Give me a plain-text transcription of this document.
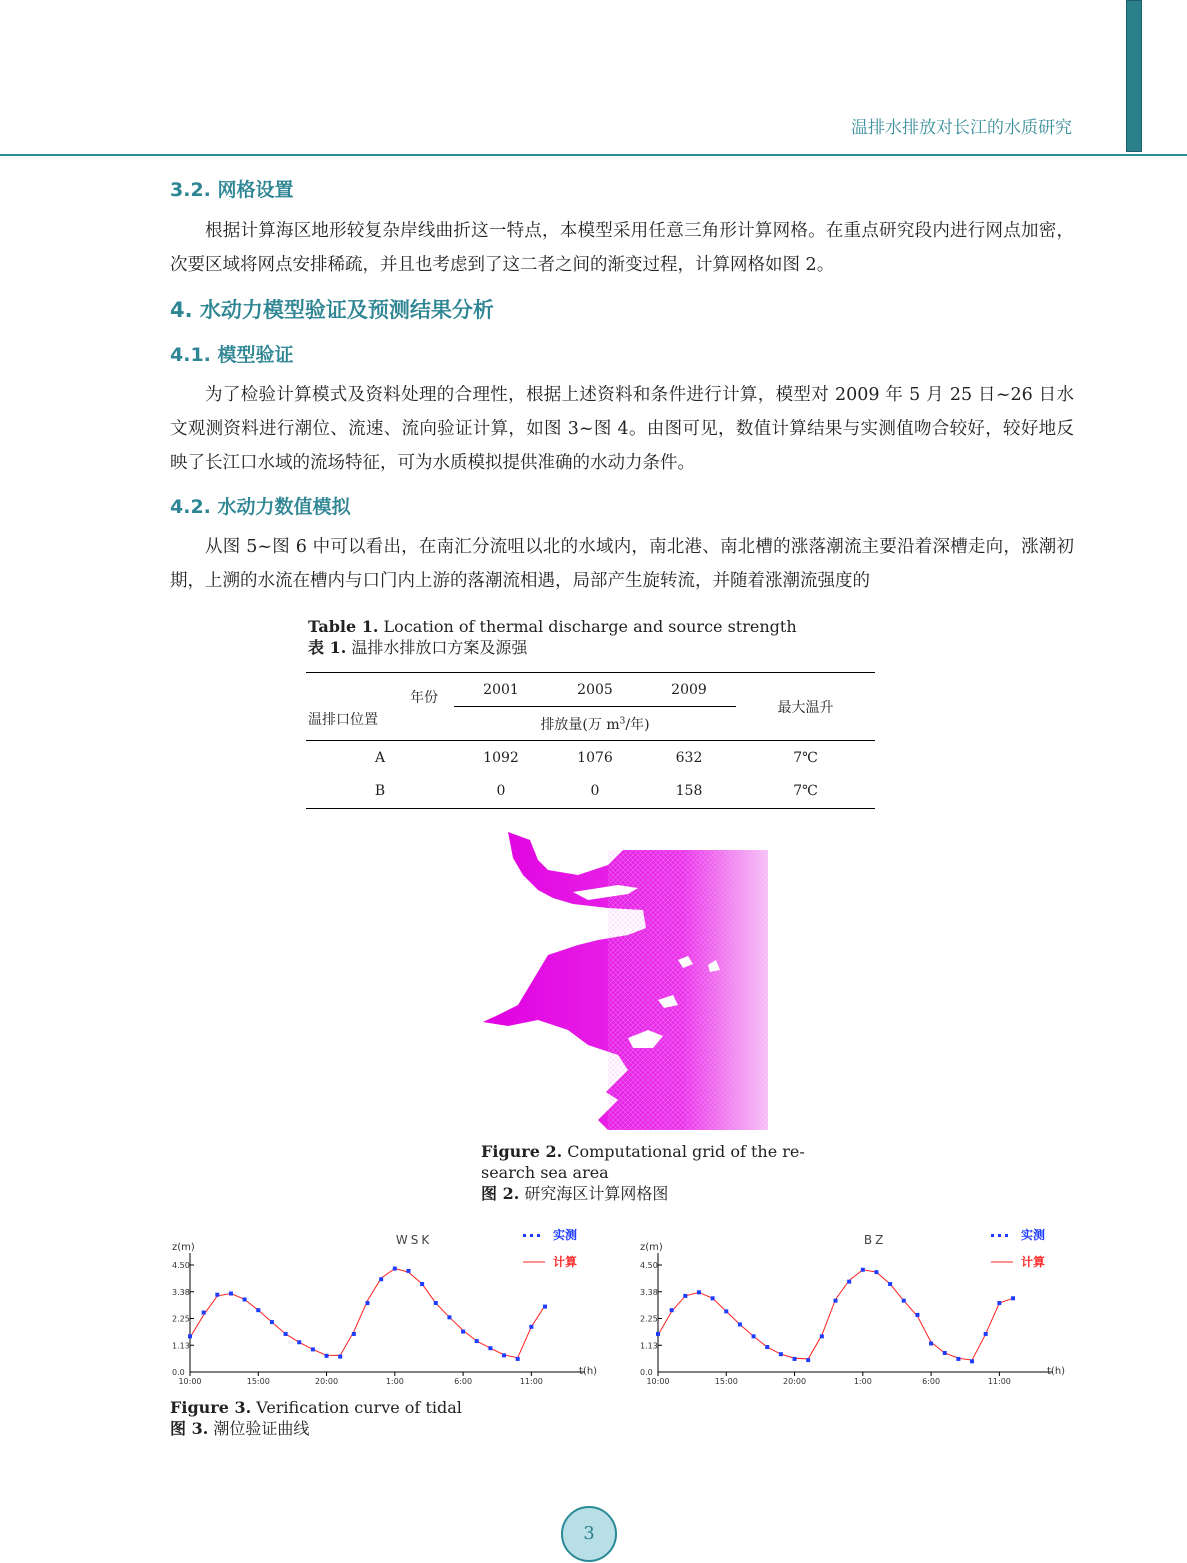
温排水排放对长江的水质研究
3.2. 网格设置
根据计算海区地形较复杂岸线曲折这一特点，本模型采用任意三角形计算网格。在重点研究段内进行网点加密，次要区域将网点安排稀疏，并且也考虑到了这二者之间的渐变过程，计算网格如图 2。
4. 水动力模型验证及预测结果分析
4.1. 模型验证
为了检验计算模式及资料处理的合理性，根据上述资料和条件进行计算，模型对 2009 年 5 月 25 日~26 日水文观测资料进行潮位、流速、流向验证计算，如图 3~图 4。由图可见，数值计算结果与实测值吻合较好，较好地反映了长江口水域的流场特征，可为水质模拟提供准确的水动力条件。
4.2. 水动力数值模拟
从图 5~图 6 中可以看出，在南汇分流咀以北的水域内，南北港、南北槽的涨落潮流主要沿着深槽走向，涨潮初期，上溯的水流在槽内与口门内上游的落潮流相遇，局部产生旋转流，并随着涨潮流强度的
Table 1. Location of thermal discharge and source strength
表 1. 温排水排放口方案及源强
年份
温排口位置	2001	2005	2009	最大温升
	排放量(万 $m^3/$年)			
A	1092	1076	632	7℃
B	0	0	158	7℃
Figure 2. Computational grid of the re-
search sea area
图 2. 研究海区计算网格图
z(m)
t(h)
WSK
0.0
1.13
2.25
3.38
4.50
10:00	15:00	20:00	1:00	6:00	11:00
实测
计算
z(m)
t(h)
BZ
0.0
1.13
2.25
3.38
4.50
10:00	15:00	20:00	1:00	6:00	11:00
实测
计算
Figure 3. Verification curve of tidal
图 3. 潮位验证曲线
3
